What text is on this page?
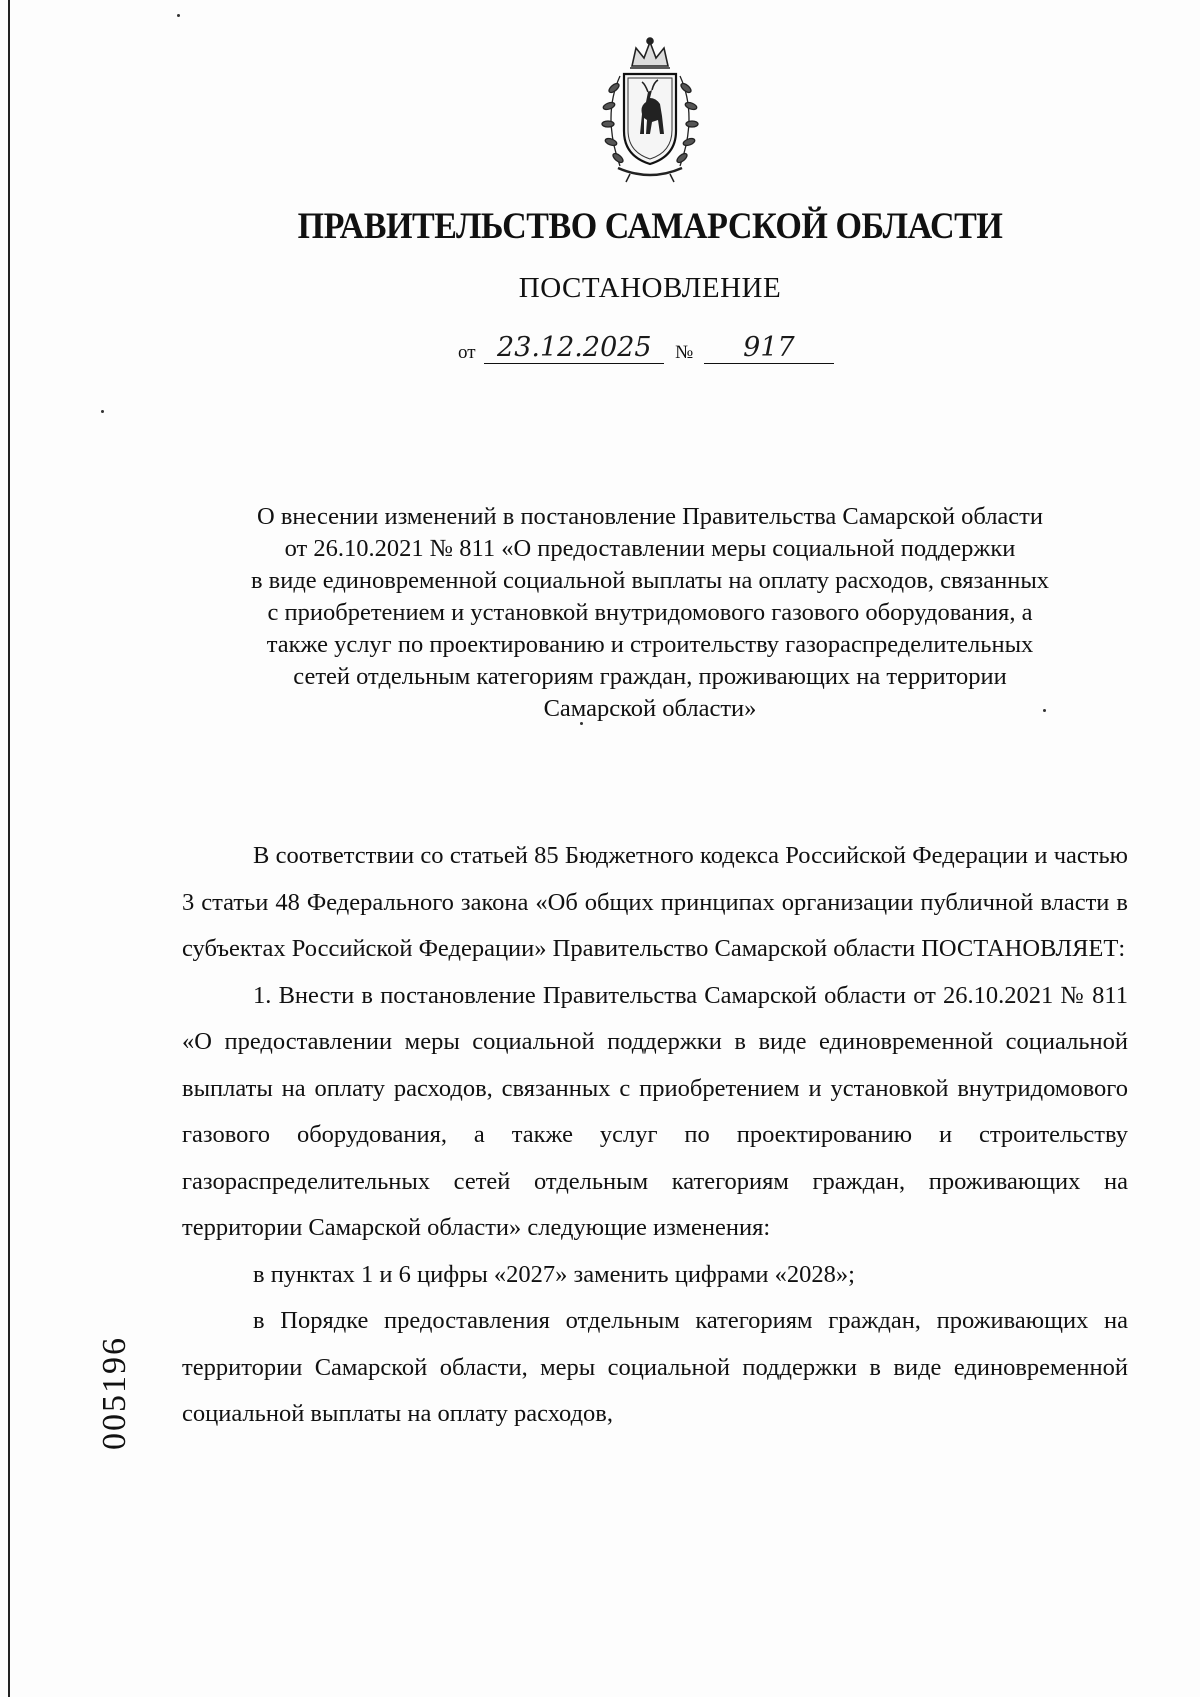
ПРАВИТЕЛЬСТВО САМАРСКОЙ ОБЛАСТИ
ПОСТАНОВЛЕНИЕ
от 23.12.2025 № 917
О внесении изменений в постановление Правительства Самарской области
от 26.10.2021 № 811 «О предоставлении меры социальной поддержки
в виде единовременной социальной выплаты на оплату расходов, связанных
с приобретением и установкой внутридомового газового оборудования, а
также услуг по проектированию и строительству газораспределительных
сетей отдельным категориям граждан, проживающих на территории
Самарской области»

В соответствии со статьей 85 Бюджетного кодекса Российской Федерации и частью 3 статьи 48 Федерального закона «Об общих принципах организации публичной власти в субъектах Российской Федерации» Правительство Самарской области ПОСТАНОВЛЯЕТ:

1. Внести в постановление Правительства Самарской области от 26.10.2021 № 811 «О предоставлении меры социальной поддержки в виде единовременной социальной выплаты на оплату расходов, связанных с приобретением и установкой внутридомового газового оборудования, а также услуг по проектированию и строительству газораспределительных сетей отдельным категориям граждан, проживающих на территории Самарской области» следующие изменения:

в пунктах 1 и 6 цифры «2027» заменить цифрами «2028»;

в Порядке предоставления отдельным категориям граждан, проживающих на территории Самарской области, меры социальной поддержки в виде единовременной социальной выплаты на оплату расходов,

005196
